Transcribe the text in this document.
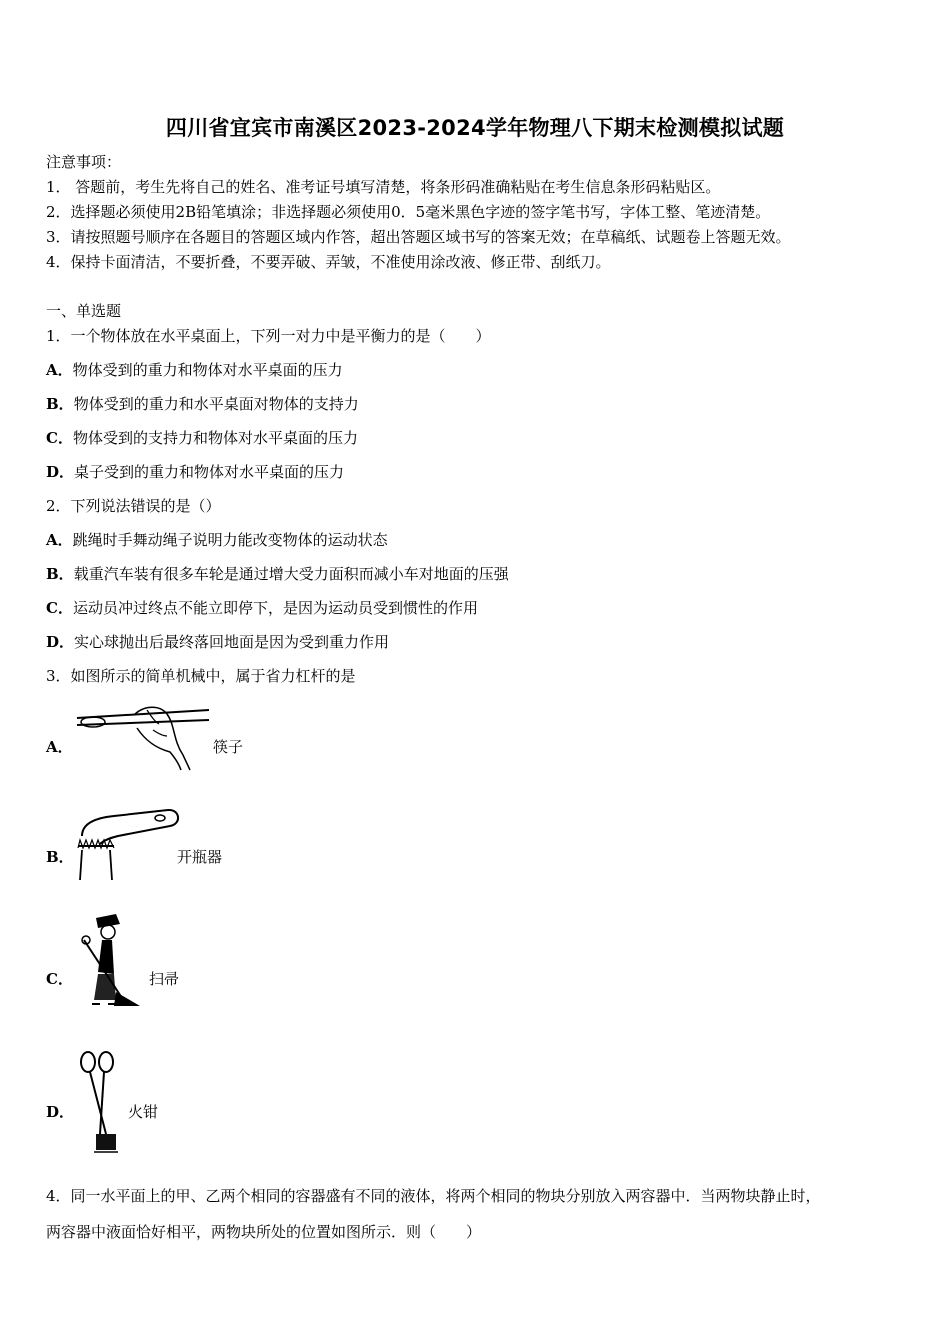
四川省宜宾市南溪区2023-2024学年物理八下期末检测模拟试题
注意事项：
1． 答题前，考生先将自己的姓名、准考证号填写清楚，将条形码准确粘贴在考生信息条形码粘贴区。
2．选择题必须使用2B铅笔填涂；非选择题必须使用0．5毫米黑色字迹的签字笔书写，字体工整、笔迹清楚。
3．请按照题号顺序在各题目的答题区域内作答，超出答题区域书写的答案无效；在草稿纸、试题卷上答题无效。
4．保持卡面清洁，不要折叠，不要弄破、弄皱，不准使用涂改液、修正带、刮纸刀。
一、单选题
1．一个物体放在水平桌面上，下列一对力中是平衡力的是（　　）
A．物体受到的重力和物体对水平桌面的压力
B．物体受到的重力和水平桌面对物体的支持力
C．物体受到的支持力和物体对水平桌面的压力
D．桌子受到的重力和物体对水平桌面的压力
2．下列说法错误的是（）
A．跳绳时手舞动绳子说明力能改变物体的运动状态
B．载重汽车装有很多车轮是通过增大受力面积而减小车对地面的压强
C．运动员冲过终点不能立即停下，是因为运动员受到惯性的作用
D．实心球抛出后最终落回地面是因为受到重力作用
3．如图所示的简单机械中，属于省力杠杆的是
A．	筷子
B．	开瓶器
C．	扫帚
D．	火钳
4．同一水平面上的甲、乙两个相同的容器盛有不同的液体，将两个相同的物块分别放入两容器中．当两物块静止时，
两容器中液面恰好相平，两物块所处的位置如图所示．则（　　）
